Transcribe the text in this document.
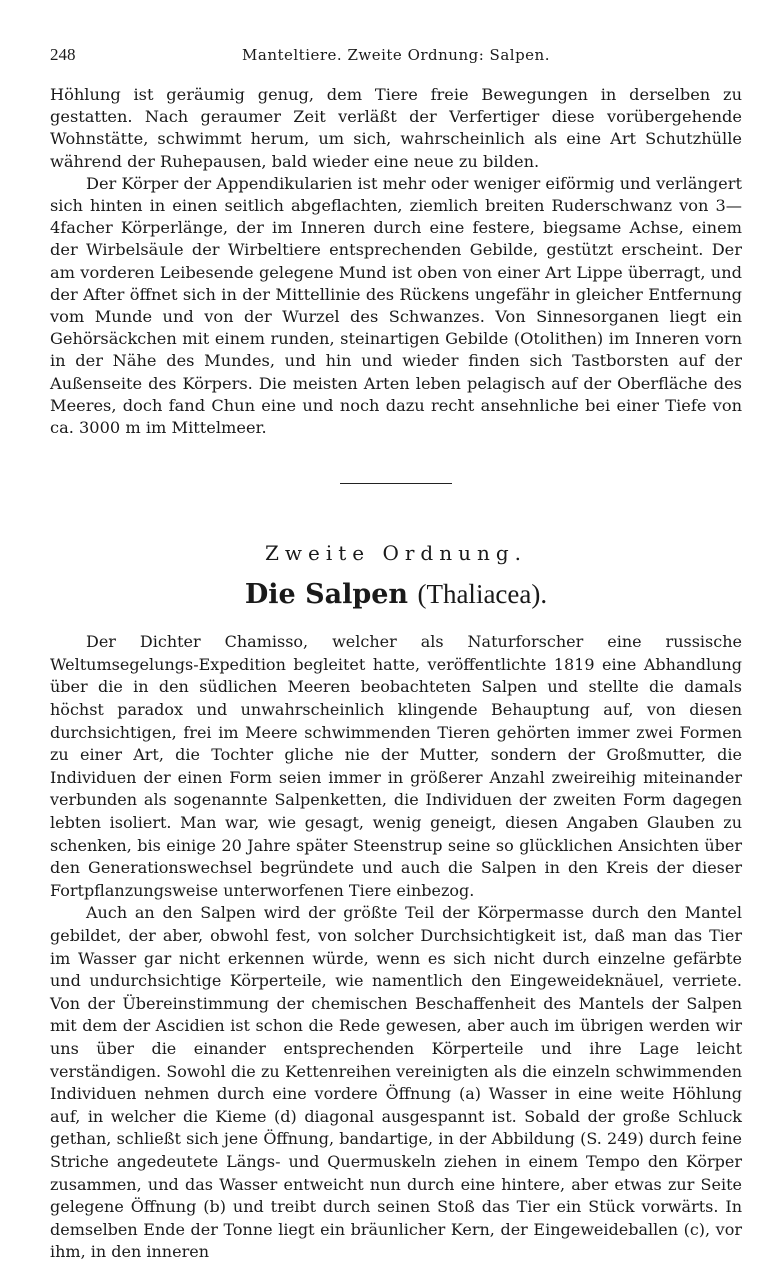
248	Manteltiere. Zweite Ordnung: Salpen.

Höhlung ist geräumig genug, dem Tiere freie Bewegungen in derselben zu gestatten. Nach geraumer Zeit verläßt der Verfertiger diese vorübergehende Wohnstätte, schwimmt herum, um sich, wahrscheinlich als eine Art Schutzhülle während der Ruhepausen, bald wieder eine neue zu bilden.

Der Körper der Appendikularien ist mehr oder weniger eiförmig und verlängert sich hinten in einen seitlich abgeflachten, ziemlich breiten Ruderschwanz von 3—4facher Körperlänge, der im Inneren durch eine festere, biegsame Achse, einem der Wirbelsäule der Wirbeltiere entsprechenden Gebilde, gestützt erscheint. Der am vorderen Leibesende gelegene Mund ist oben von einer Art Lippe überragt, und der After öffnet sich in der Mittellinie des Rückens ungefähr in gleicher Entfernung vom Munde und von der Wurzel des Schwanzes. Von Sinnesorganen liegt ein Gehörsäckchen mit einem runden, steinartigen Gebilde (Otolithen) im Inneren vorn in der Nähe des Mundes, und hin und wieder finden sich Tastborsten auf der Außenseite des Körpers. Die meisten Arten leben pelagisch auf der Oberfläche des Meeres, doch fand Chun eine und noch dazu recht ansehnliche bei einer Tiefe von ca. 3000 m im Mittelmeer.

Zweite Ordnung.
Die Salpen (Thaliacea).

Der Dichter Chamisso, welcher als Naturforscher eine russische Weltumsegelungs-Expedition begleitet hatte, veröffentlichte 1819 eine Abhandlung über die in den südlichen Meeren beobachteten Salpen und stellte die damals höchst paradox und unwahrscheinlich klingende Behauptung auf, von diesen durchsichtigen, frei im Meere schwimmenden Tieren gehörten immer zwei Formen zu einer Art, die Tochter gliche nie der Mutter, sondern der Großmutter, die Individuen der einen Form seien immer in größerer Anzahl zweireihig miteinander verbunden als sogenannte Salpenketten, die Individuen der zweiten Form dagegen lebten isoliert. Man war, wie gesagt, wenig geneigt, diesen Angaben Glauben zu schenken, bis einige 20 Jahre später Steenstrup seine so glücklichen Ansichten über den Generationswechsel begründete und auch die Salpen in den Kreis der dieser Fortpflanzungsweise unterworfenen Tiere einbezog.

Auch an den Salpen wird der größte Teil der Körpermasse durch den Mantel gebildet, der aber, obwohl fest, von solcher Durchsichtigkeit ist, daß man das Tier im Wasser gar nicht erkennen würde, wenn es sich nicht durch einzelne gefärbte und undurchsichtige Körperteile, wie namentlich den Eingeweideknäuel, verriete. Von der Übereinstimmung der chemischen Beschaffenheit des Mantels der Salpen mit dem der Ascidien ist schon die Rede gewesen, aber auch im übrigen werden wir uns über die einander entsprechenden Körperteile und ihre Lage leicht verständigen. Sowohl die zu Kettenreihen vereinigten als die einzeln schwimmenden Individuen nehmen durch eine vordere Öffnung (a) Wasser in eine weite Höhlung auf, in welcher die Kieme (d) diagonal ausgespannt ist. Sobald der große Schluck gethan, schließt sich jene Öffnung, bandartige, in der Abbildung (S. 249) durch feine Striche angedeutete Längs- und Quermuskeln ziehen in einem Tempo den Körper zusammen, und das Wasser entweicht nun durch eine hintere, aber etwas zur Seite gelegene Öffnung (b) und treibt durch seinen Stoß das Tier ein Stück vorwärts. In demselben Ende der Tonne liegt ein bräunlicher Kern, der Eingeweideballen (c), vor ihm, in den inneren
